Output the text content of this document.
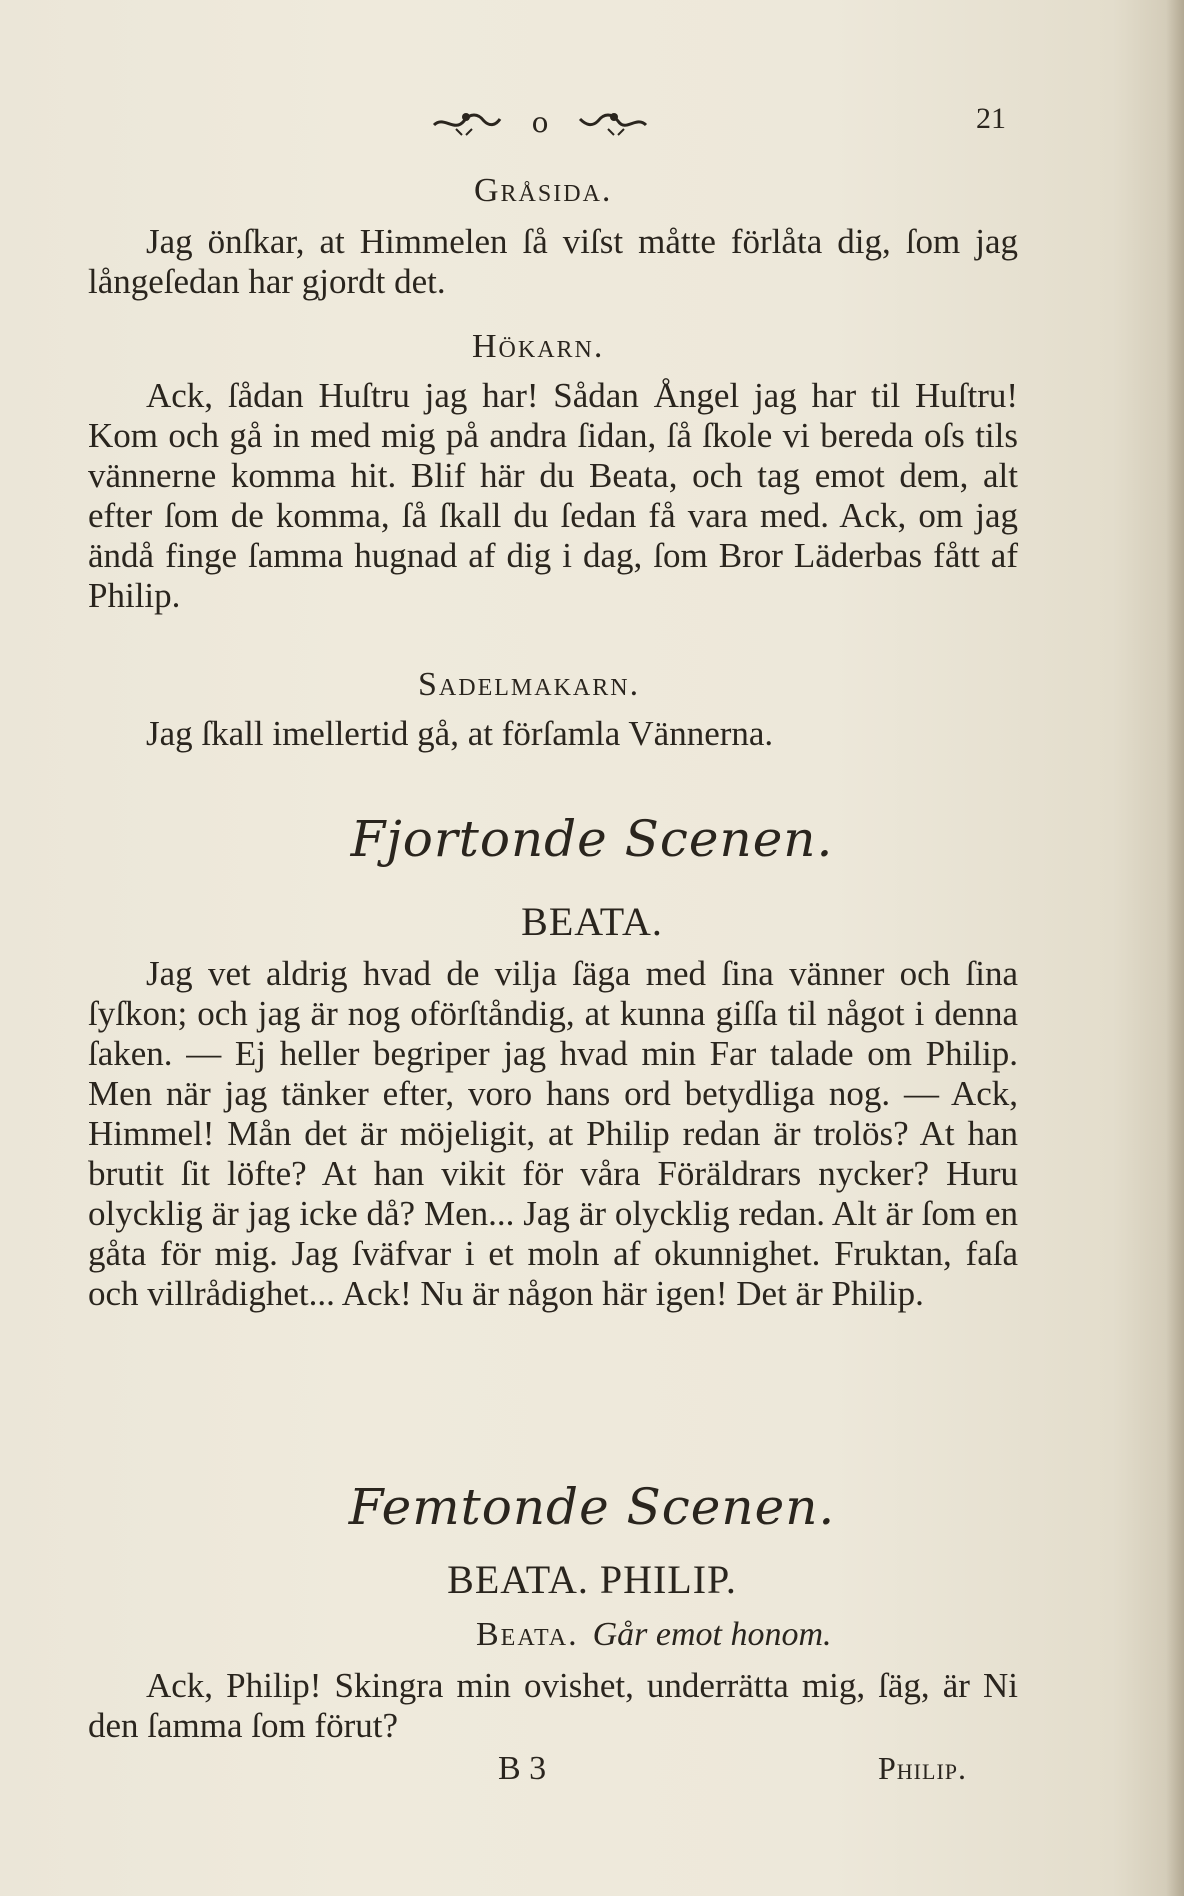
o	21
Gråsida.

Jag önſkar, at Himmelen ſå viſst måtte förlåta dig, ſom jag långeſedan har gjordt det.

Hökarn.

Ack, ſådan Huſtru jag har! Sådan Ångel jag har til Huſtru! Kom och gå in med mig på andra ſidan, ſå ſkole vi bereda oſs tils vännerne komma hit. Blif här du Beata, och tag emot dem, alt efter ſom de komma, ſå ſkall du ſedan få vara med. Ack, om jag ändå finge ſamma hugnad af dig i dag, ſom Bror Läderbas fått af Philip.

Sadelmakarn.

Jag ſkall imellertid gå, at förſamla Vännerna.

Fjortonde Scenen.
BEATA.

Jag vet aldrig hvad de vilja ſäga med ſina vänner och ſina ſyſkon; och jag är nog oförſtåndig, at kunna giſſa til något i denna ſaken. — Ej heller begriper jag hvad min Far talade om Philip. Men när jag tänker efter, voro hans ord betydliga nog. — Ack, Himmel! Mån det är möjeligit, at Philip redan är trolös? At han brutit ſit löfte? At han vikit för våra Föräldrars nycker? Huru olycklig är jag icke då? Men... Jag är olycklig redan. Alt är ſom en gåta för mig. Jag ſväfvar i et moln af okunnighet. Fruktan, faſa och villrådighet... Ack! Nu är någon här igen! Det är Philip.

Femtonde Scenen.
BEATA. PHILIP.
Beata. Går emot honom.

Ack, Philip! Skingra min ovishet, underrätta mig, ſäg, är Ni den ſamma ſom förut?

B 3	Philip.
